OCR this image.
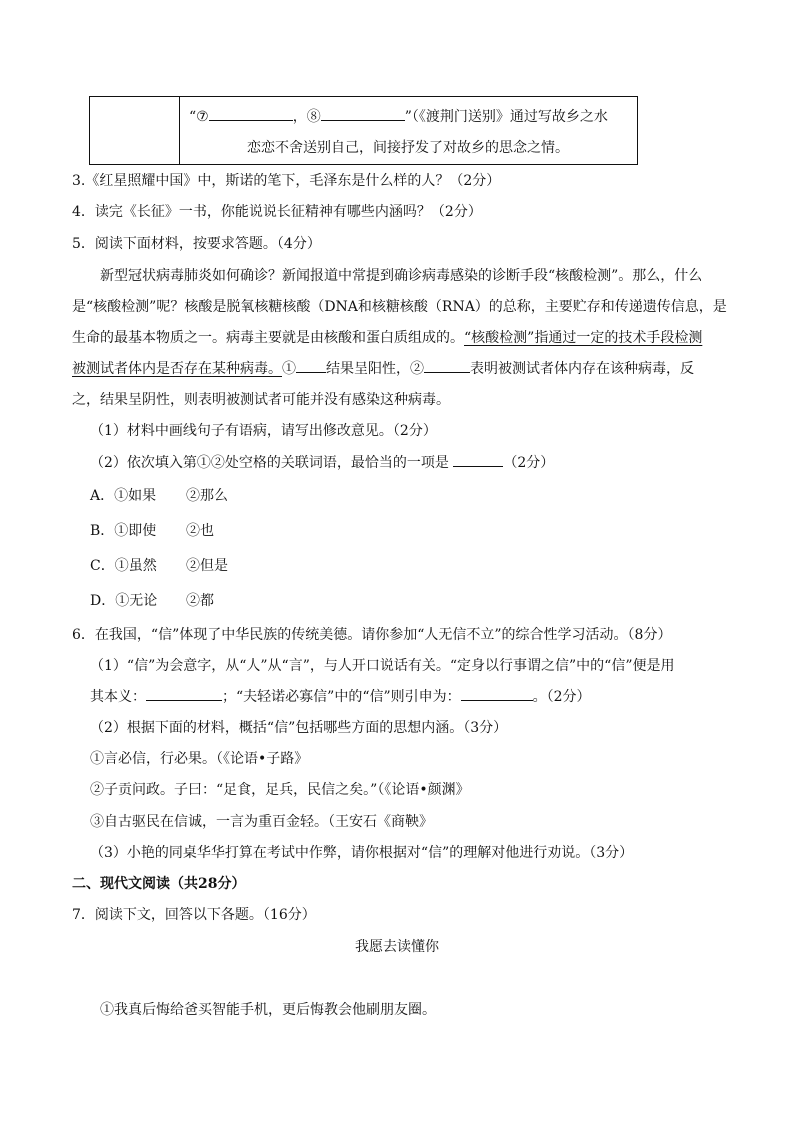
“⑦	，⑧	”（《渡荆门送别》通过写故乡之水
恋恋不舍送别自己，间接抒发了对故乡的思念之情。
3.《红星照耀中国》中，斯诺的笔下，毛泽东是什么样的人？（2分）
4．读完《长征》一书，你能说说长征精神有哪些内涵吗？（2分）
5．阅读下面材料，按要求答题。（4分）
新型冠状病毒肺炎如何确诊？新闻报道中常提到确诊病毒感染的诊断手段“核酸检测”。那么，什么
是“核酸检测”呢？核酸是脱氧核糖核酸（DNA和核糖核酸（RNA）的总称，主要贮存和传递遗传信息，是
生命的最基本物质之一。病毒主要就是由核酸和蛋白质组成的。“核酸检测”指通过一定的技术手段检测
被测试者体内是否存在某种病毒。① 结果呈阳性，②	表明被测试者体内存在该种病毒，反
之，结果呈阴性，则表明被测试者可能并没有感染这种病毒。
（1）材料中画线句子有语病，请写出修改意见。（2分）
（2）依次填入第①②处空格的关联词语，最恰当的一项是	（2分）
A．①如果 ②那么
B．①即使 ②也
C．①虽然 ②但是
D．①无论 ②都
6．在我国，“信”体现了中华民族的传统美德。请你参加“人无信不立”的综合性学习活动。（8分）
（1）“信”为会意字，从“人”从“言”，与人开口说话有关。“定身以行事谓之信”中的“信”便是用
其本义：	；“夫轻诺必寡信”中的“信”则引申为：	。（2分）
（2）根据下面的材料，概括“信”包括哪些方面的思想内涵。（3分）
①言必信，行必果。（《论语•子路》
②子贡问政。子曰：“足食，足兵，民信之矣。”（《论语•颜渊》
③自古驱民在信诚，一言为重百金轻。（王安石《商鞅》
（3）小艳的同桌华华打算在考试中作弊，请你根据对“信”的理解对他进行劝说。（3分）
二、现代文阅读（共28分）
7．阅读下文，回答以下各题。（16分）
我愿去读懂你
①我真后悔给爸买智能手机，更后悔教会他刷朋友圈。
